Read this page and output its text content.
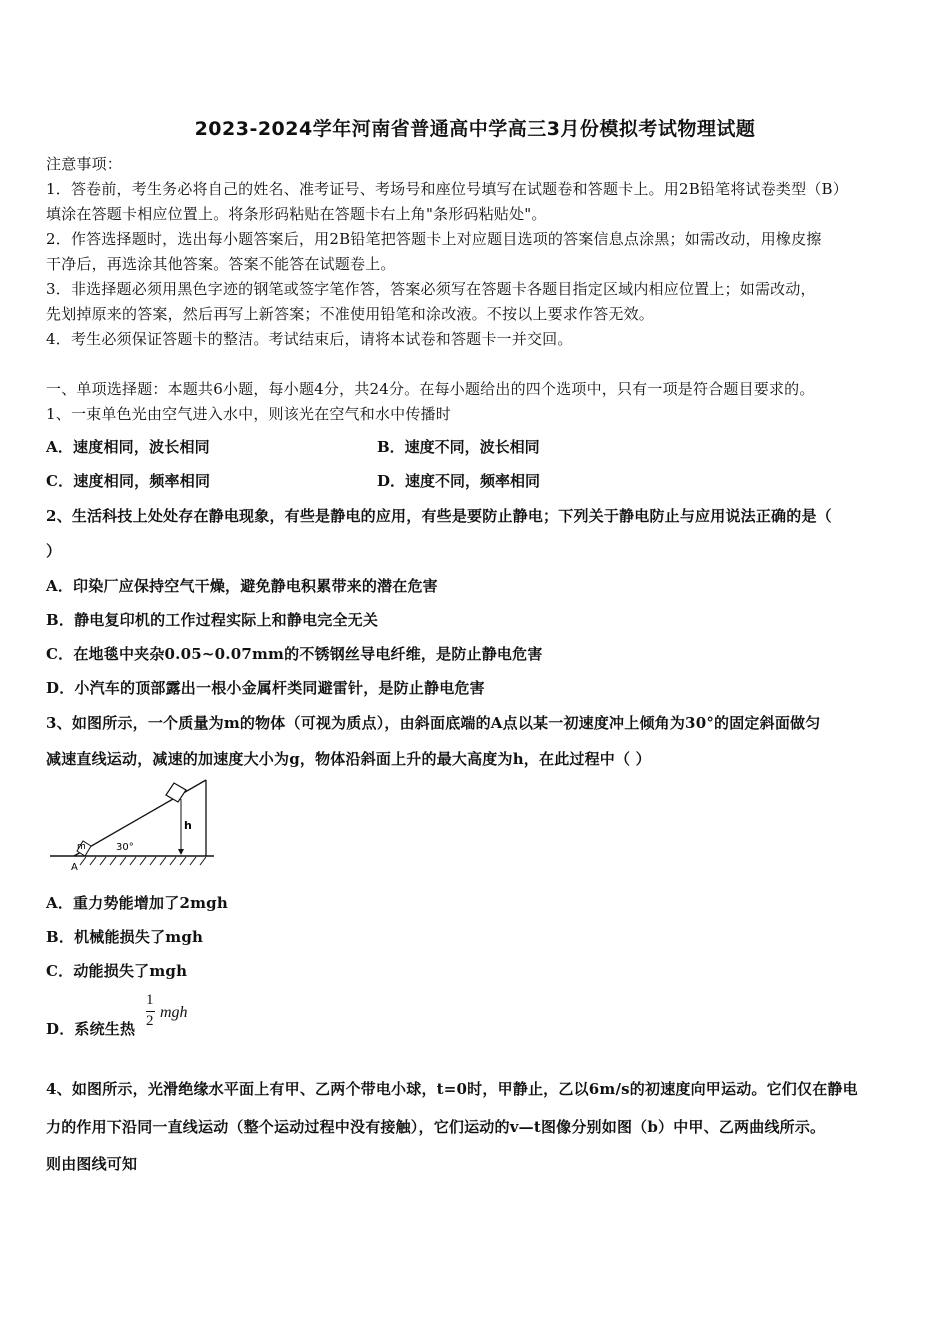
2023-2024学年河南省普通高中学高三3月份模拟考试物理试题
注意事项：
1．答卷前，考生务必将自己的姓名、准考证号、考场号和座位号填写在试题卷和答题卡上。用2B铅笔将试卷类型（B）
填涂在答题卡相应位置上。将条形码粘贴在答题卡右上角"条形码粘贴处"。
2．作答选择题时，选出每小题答案后，用2B铅笔把答题卡上对应题目选项的答案信息点涂黑；如需改动，用橡皮擦
干净后，再选涂其他答案。答案不能答在试题卷上。
3．非选择题必须用黑色字迹的钢笔或签字笔作答，答案必须写在答题卡各题目指定区域内相应位置上；如需改动，
先划掉原来的答案，然后再写上新答案；不准使用铅笔和涂改液。不按以上要求作答无效。
4．考生必须保证答题卡的整洁。考试结束后，请将本试卷和答题卡一并交回。
一、单项选择题：本题共6小题，每小题4分，共24分。在每小题给出的四个选项中，只有一项是符合题目要求的。
1、一束单色光由空气进入水中，则该光在空气和水中传播时
A．速度相同，波长相同	B．速度不同，波长相同
C．速度相同，频率相同	D．速度不同，频率相同
2、生活科技上处处存在静电现象，有些是静电的应用，有些是要防止静电；下列关于静电防止与应用说法正确的是（
）
A．印染厂应保持空气干燥，避免静电积累带来的潜在危害
B．静电复印机的工作过程实际上和静电完全无关
C．在地毯中夹杂0.05~0.07mm的不锈钢丝导电纤维，是防止静电危害
D．小汽车的顶部露出一根小金属杆类同避雷针，是防止静电危害
3、如图所示，一个质量为m的物体（可视为质点），由斜面底端的A点以某一初速度冲上倾角为30°的固定斜面做匀
减速直线运动，减速的加速度大小为g，物体沿斜面上升的最大高度为h，在此过程中（ ）
m
h
30°
A
A．重力势能增加了2mgh
B．机械能损失了mgh
C．动能损失了mgh
D．系统生热
1
2 mgh
4、如图所示，光滑绝缘水平面上有甲、乙两个带电小球，t=0时，甲静止，乙以6m/s的初速度向甲运动。它们仅在静电
力的作用下沿同一直线运动（整个运动过程中没有接触），它们运动的v—t图像分别如图（b）中甲、乙两曲线所示。
则由图线可知
